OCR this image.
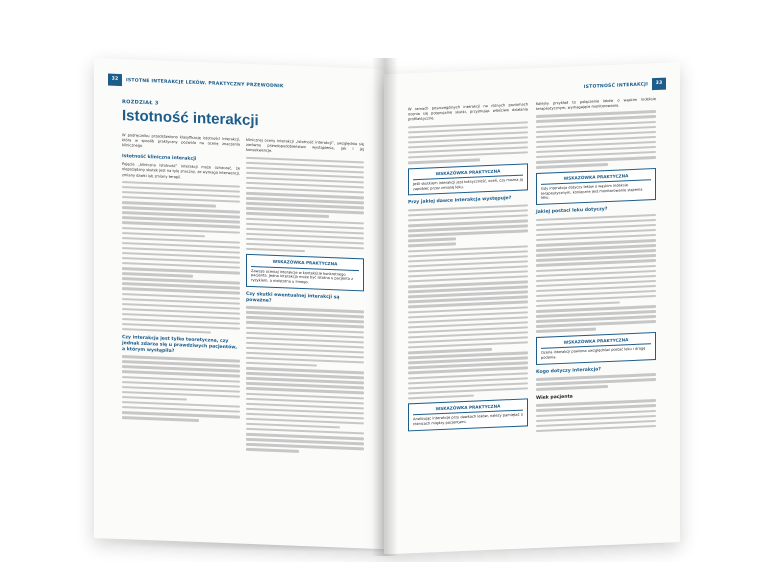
32	ISTOTNE INTERAKCJE LEKÓW. PRAKTYCZNY PRZEWODNIK
ROZDZIAŁ 3
Istotność interakcji

W podręczniku przedstawiono klasyfikację istotności interakcji, która w sposób praktyczny pozwala na ocenę znaczenia klinicznego.

Istotność kliniczna interakcji

Pojęcie „kliniczna istotność” interakcji może oznaczać, że niepożądany skutek jest na tyle znaczny, że wymaga interwencji, zmiany dawki lub zmiany terapii.

Czy interakcja jest tylko teoretyczna, czy jednak zdarza się u prawdziwych pacjentów, a którym wystąpiła?

klinicznej oceny interakcji „istotność interakcji”, uwzględnia się zarówno prawdopodobieństwo wystąpienia, jak i jej konsekwencje.

WSKAZÓWKA PRAKTYCZNA
Zawsze oceniaj interakcje w kontekście konkretnego pacjenta. Jedna interakcja może być istotna u pacjenta z ryzykiem, a nieistotna u innego.
Czy skutki ewentualnej interakcji są poważne?
ISTOTNOŚĆ INTERAKCJI	33

W ramach poszczególnych interakcji na różnych poziomach ocenia się potencjalne skutki, przyjmując właściwe działania profilaktyczne.

WSKAZÓWKA PRAKTYCZNA
Jeśli skutkiem interakcji jest toksyczność, oceń, czy można ją zapobiec przez zmianę leku.
Przy jakiej dawce interakcja występuje?
WSKAZÓWKA PRAKTYCZNA
Analizując interakcje przy dawkach leków, należy pamiętać o różnicach między pacjentami.

Kolejny przykład to połączenie leków o wąskim indeksie terapeutycznym, wymagające monitorowania.

WSKAZÓWKA PRAKTYCZNA
Gdy interakcja dotyczy leków o wąskim indeksie terapeutycznym, konieczne jest monitorowanie stężenia leku.
Jakiej postaci leku dotyczy?
WSKAZÓWKA PRAKTYCZNA
Ocena interakcji powinna uwzględniać postać leku i drogę podania.
Kogo dotyczy interakcja?
Wiek pacjenta
